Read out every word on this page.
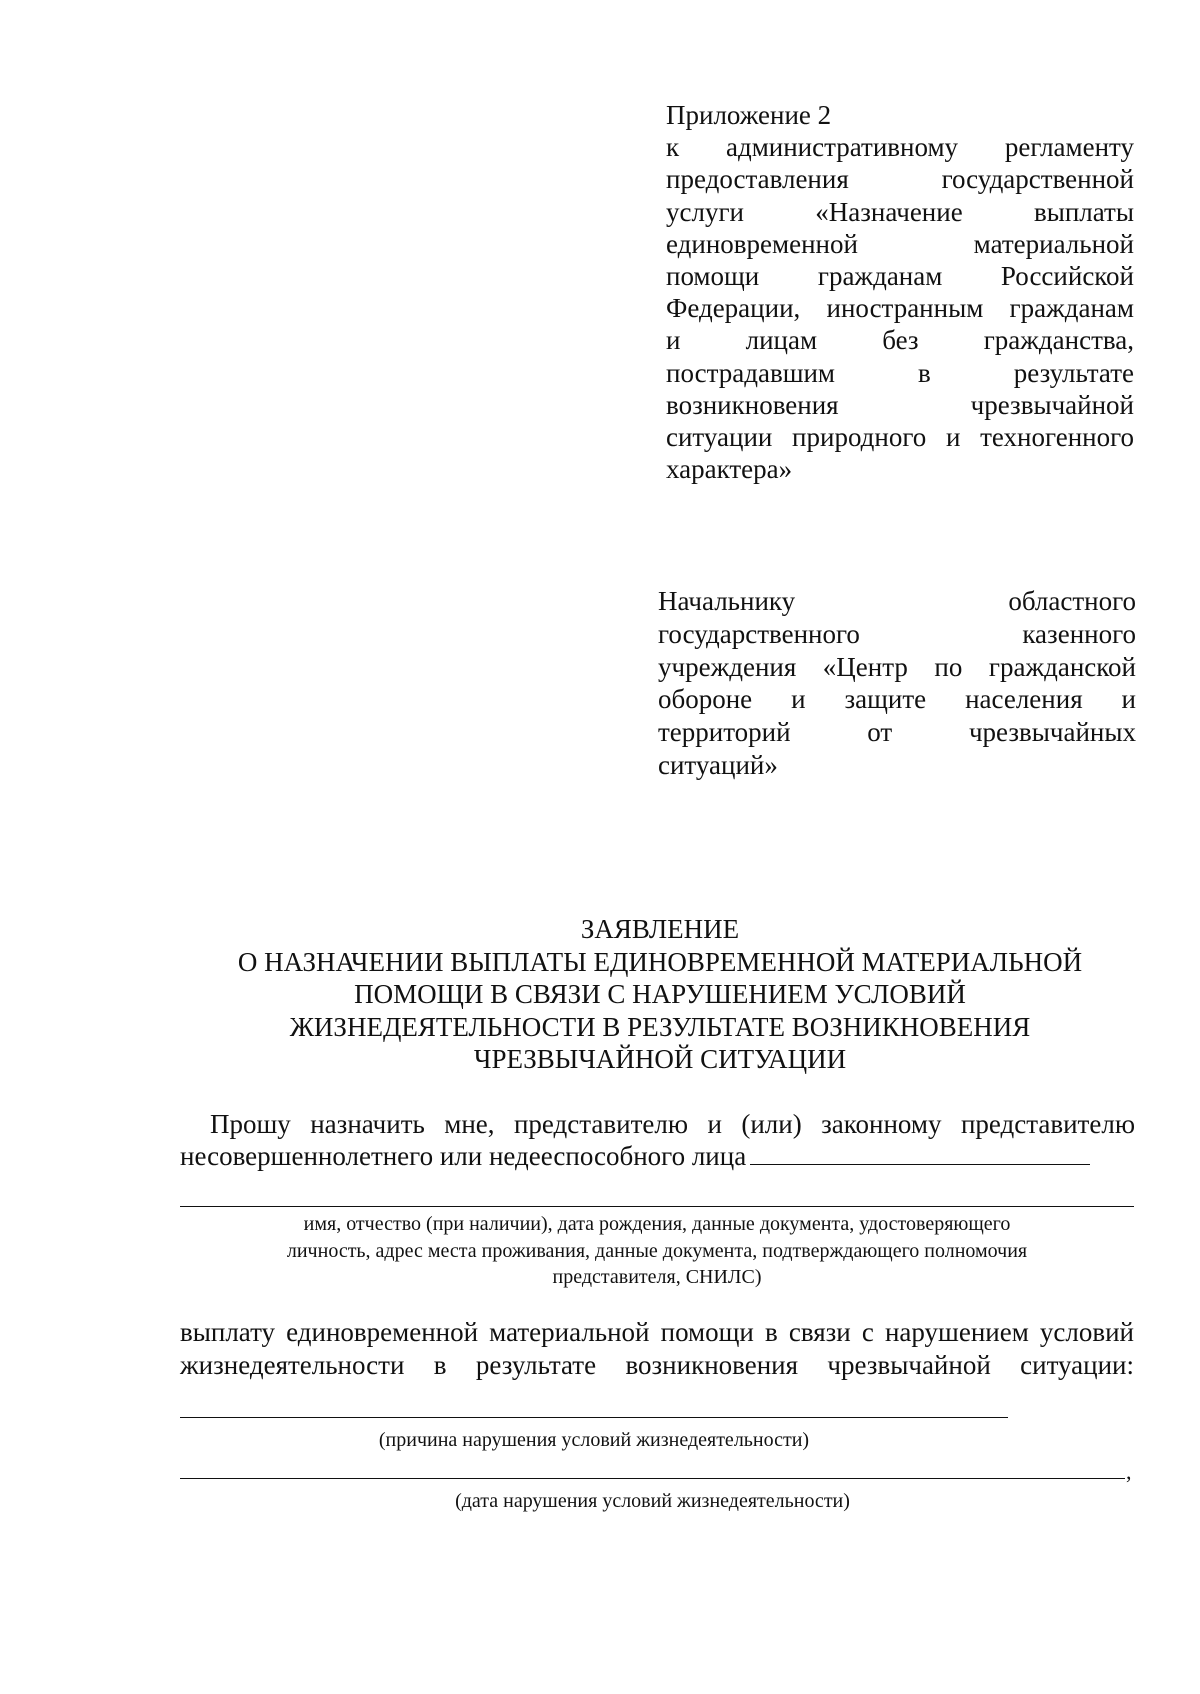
Приложение 2
к административному регламенту
предоставления государственной
услуги «Назначение выплаты
единовременной материальной
помощи гражданам Российской
Федерации, иностранным гражданам
и лицам без гражданства,
пострадавшим в результате
возникновения чрезвычайной
ситуации природного и техногенного
характера»
Начальнику областного
государственного казенного
учреждения «Центр по гражданской
обороне и защите населения и
территорий от чрезвычайных
ситуаций»
ЗАЯВЛЕНИЕ
О НАЗНАЧЕНИИ ВЫПЛАТЫ ЕДИНОВРЕМЕННОЙ МАТЕРИАЛЬНОЙ
ПОМОЩИ В СВЯЗИ С НАРУШЕНИЕМ УСЛОВИЙ
ЖИЗНЕДЕЯТЕЛЬНОСТИ В РЕЗУЛЬТАТЕ ВОЗНИКНОВЕНИЯ
ЧРЕЗВЫЧАЙНОЙ СИТУАЦИИ
Прошу назначить мне, представителю и (или) законному представителю
несовершеннолетнего или недееспособного лица
имя, отчество (при наличии), дата рождения, данные документа, удостоверяющего
личность, адрес места проживания, данные документа, подтверждающего полномочия
представителя, СНИЛС)
выплату единовременной материальной помощи в связи с нарушением условий
жизнедеятельности в результате возникновения чрезвычайной ситуации:
(причина нарушения условий жизнедеятельности)
,
(дата нарушения условий жизнедеятельности)
